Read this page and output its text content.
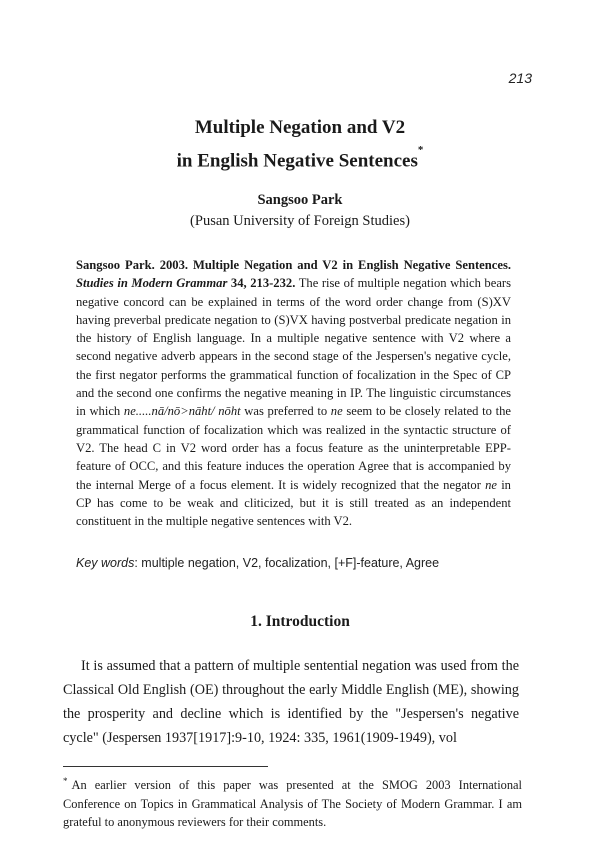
213
Multiple Negation and V2
in English Negative Sentences*
Sangsoo Park
(Pusan University of Foreign Studies)
Sangsoo Park. 2003. Multiple Negation and V2 in English Negative Sentences. Studies in Modern Grammar 34, 213-232. The rise of multiple negation which bears negative concord can be explained in terms of the word order change from (S)XV having preverbal predicate negation to (S)VX having postverbal predicate negation in the history of English language. In a multiple negative sentence with V2 where a second negative adverb appears in the second stage of the Jespersen's negative cycle, the first negator performs the grammatical function of focalization in the Spec of CP and the second one confirms the negative meaning in IP. The linguistic circumstances in which ne.....nā/nō>nāht/ nōht was preferred to ne seem to be closely related to the grammatical function of focalization which was realized in the syntactic structure of V2. The head C in V2 word order has a focus feature as the uninterpretable EPP-feature of OCC, and this feature induces the operation Agree that is accompanied by the internal Merge of a focus element. It is widely recognized that the negator ne in CP has come to be weak and cliticized, but it is still treated as an independent constituent in the multiple negative sentences with V2.
Key words: multiple negation, V2, focalization, [+F]-feature, Agree
1. Introduction
It is assumed that a pattern of multiple sentential negation was used from the Classical Old English (OE) throughout the early Middle English (ME), showing the prosperity and decline which is identified by the "Jespersen's negative cycle" (Jespersen 1937[1917]:9-10, 1924: 335, 1961(1909-1949), vol
* An earlier version of this paper was presented at the SMOG 2003 International Conference on Topics in Grammatical Analysis of The Society of Modern Grammar. I am grateful to anonymous reviewers for their comments.
